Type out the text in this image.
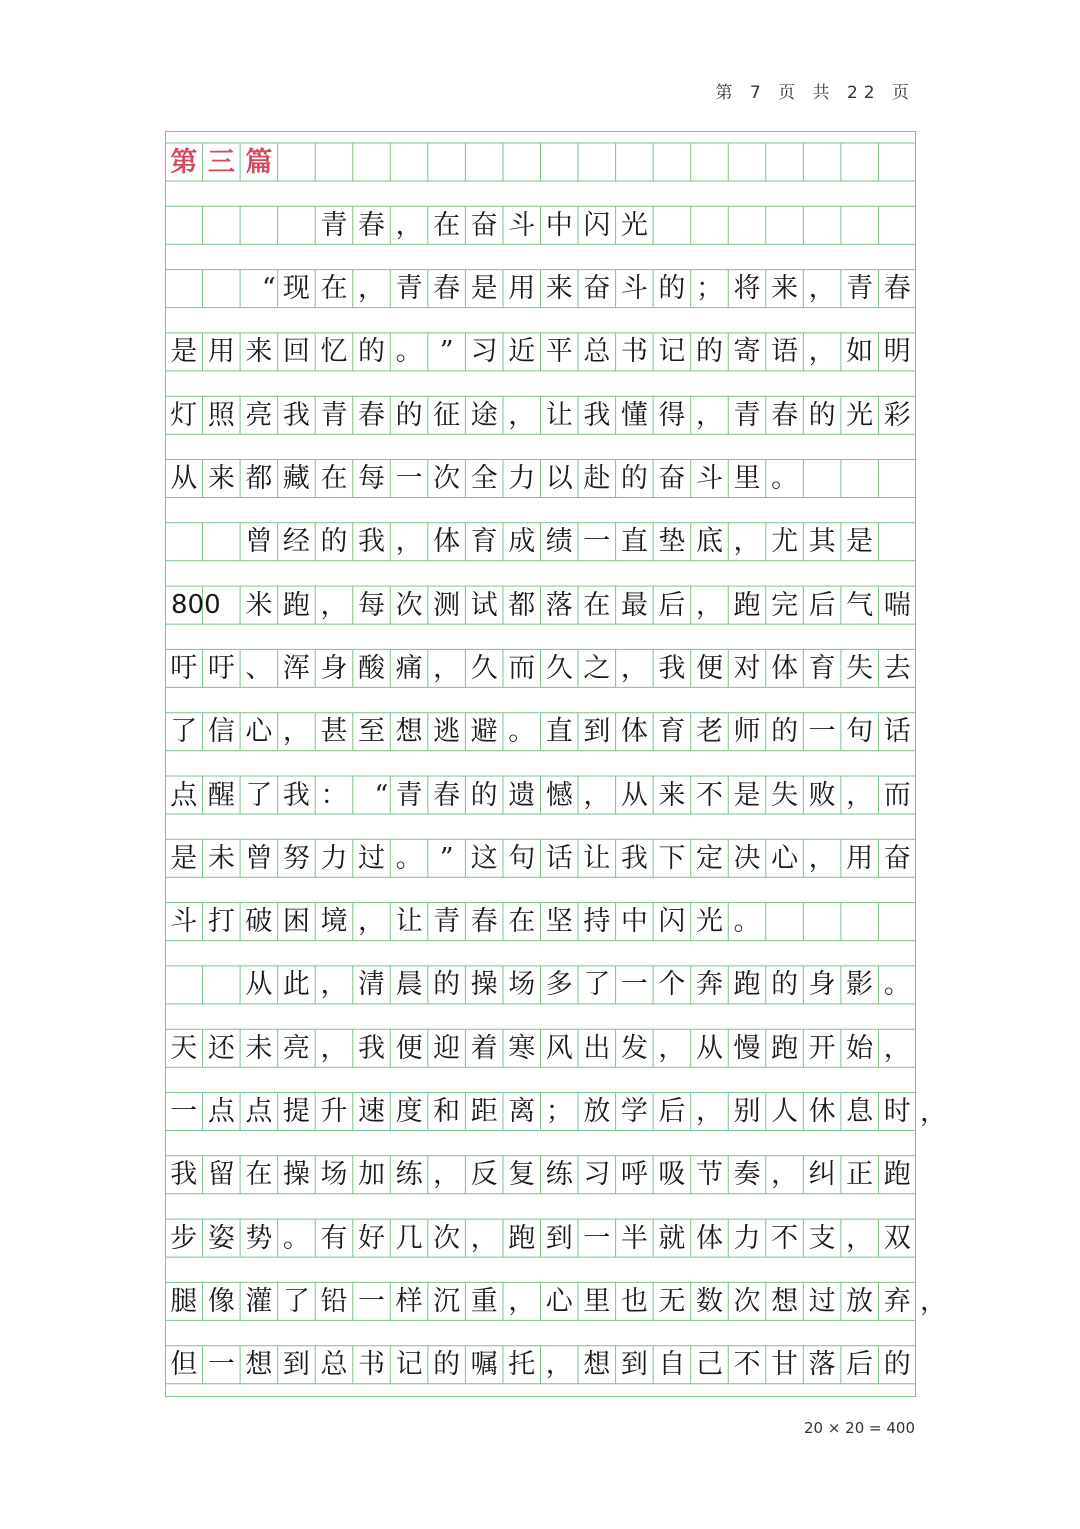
第 7 页 共 22 页
第 三 篇
青 春 ， 在 奋 斗 中 闪 光
“ 现 在 ， 青 春 是 用 来 奋 斗 的 ； 将 来 ， 青 春
是 用 来 回 忆 的 。 ” 习 近 平 总 书 记 的 寄 语 ， 如 明
灯 照 亮 我 青 春 的 征 途 ， 让 我 懂 得 ， 青 春 的 光 彩
从 来 都 藏 在 每 一 次 全 力 以 赴 的 奋 斗 里 。
曾 经 的 我 ， 体 育 成 绩 一 直 垫 底 ， 尤 其 是
800 米 跑 ， 每 次 测 试 都 落 在 最 后 ， 跑 完 后 气 喘
吁 吁 、 浑 身 酸 痛 ， 久 而 久 之 ， 我 便 对 体 育 失 去
了 信 心 ， 甚 至 想 逃 避 。 直 到 体 育 老 师 的 一 句 话
点 醒 了 我 ：	“ 青 春 的 遗 憾 ， 从 来 不 是 失 败 ， 而
是 未 曾 努 力 过 。 ” 这 句 话 让 我 下 定 决 心 ， 用 奋
斗 打 破 困 境 ， 让 青 春 在 坚 持 中 闪 光 。
从 此 ， 清 晨 的 操 场 多 了 一 个 奔 跑 的 身 影 。
天 还 未 亮 ， 我 便 迎 着 寒 风 出 发 ， 从 慢 跑 开 始 ，
一 点 点 提 升 速 度 和 距 离 ； 放 学 后 ， 别 人 休 息 时 ，
我 留 在 操 场 加 练 ， 反 复 练 习 呼 吸 节 奏 ， 纠 正 跑
步 姿 势 。 有 好 几 次 ， 跑 到 一 半 就 体 力 不 支 ， 双
腿 像 灌 了 铅 一 样 沉 重 ， 心 里 也 无 数 次 想 过 放 弃 ，
但 一 想 到 总 书 记 的 嘱 托 ， 想 到 自 己 不 甘 落 后 的
20 × 20 = 400
